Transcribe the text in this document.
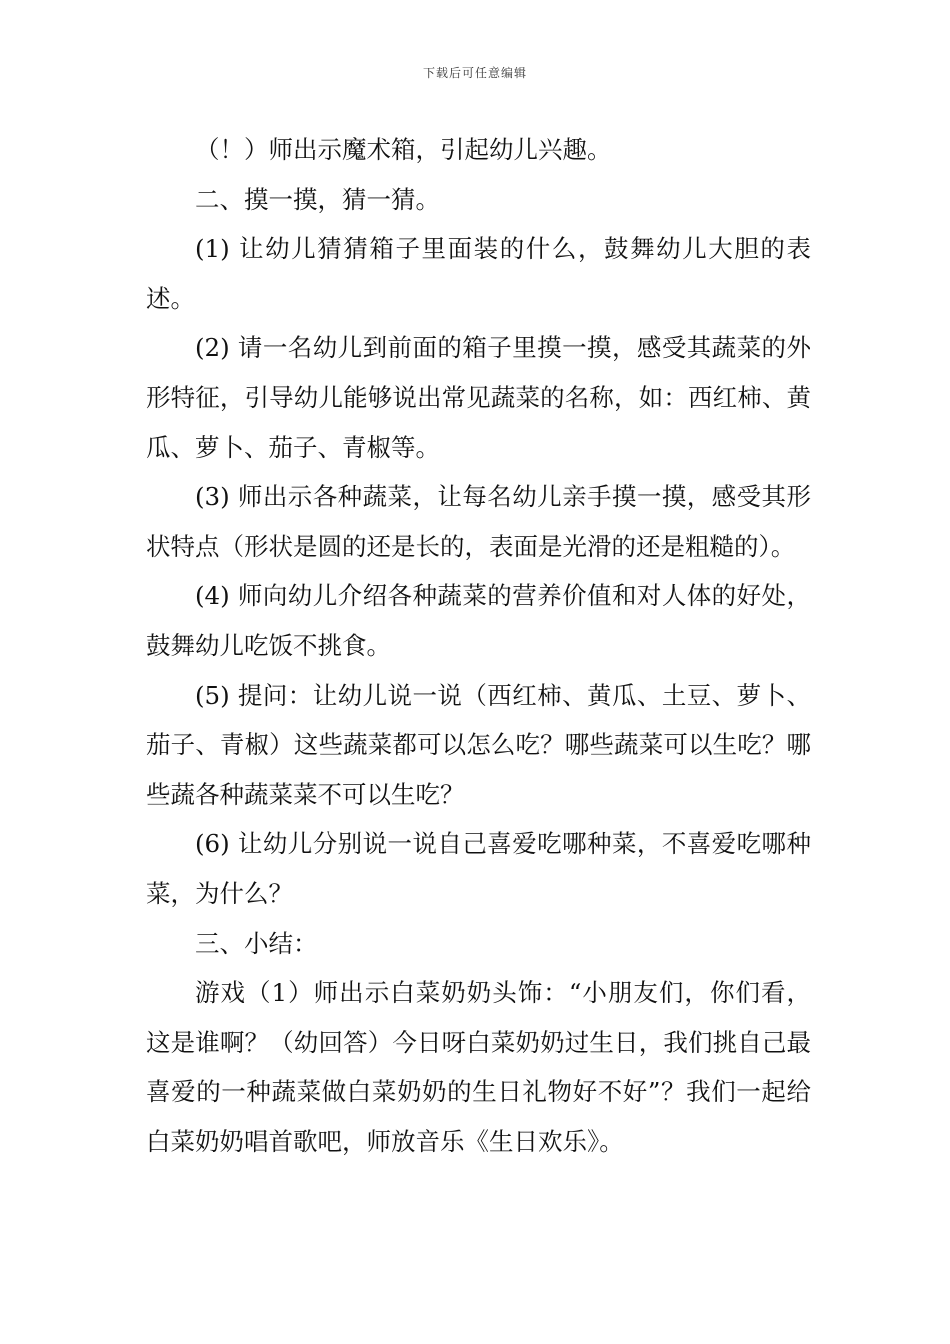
下载后可任意编辑

（！）师出示魔术箱，引起幼儿兴趣。

二、摸一摸，猜一猜。

(1) 让幼儿猜猜箱子里面装的什么，鼓舞幼儿大胆的表述。

(2) 请一名幼儿到前面的箱子里摸一摸，感受其蔬菜的外形特征，引导幼儿能够说出常见蔬菜的名称，如：西红柿、黄瓜、萝卜、茄子、青椒等。

(3) 师出示各种蔬菜，让每名幼儿亲手摸一摸，感受其形状特点（形状是圆的还是长的，表面是光滑的还是粗糙的）。

(4) 师向幼儿介绍各种蔬菜的营养价值和对人体的好处，鼓舞幼儿吃饭不挑食。

(5) 提问：让幼儿说一说（西红柿、黄瓜、土豆、萝卜、茄子、青椒）这些蔬菜都可以怎么吃？哪些蔬菜可以生吃？哪些蔬各种蔬菜菜不可以生吃？

(6) 让幼儿分别说一说自己喜爱吃哪种菜，不喜爱吃哪种菜，为什么？

三、小结：

游戏（1）师出示白菜奶奶头饰：“小朋友们，你们看，这是谁啊？（幼回答）今日呀白菜奶奶过生日，我们挑自己最喜爱的一种蔬菜做白菜奶奶的生日礼物好不好”？我们一起给白菜奶奶唱首歌吧，师放音乐《生日欢乐》。
